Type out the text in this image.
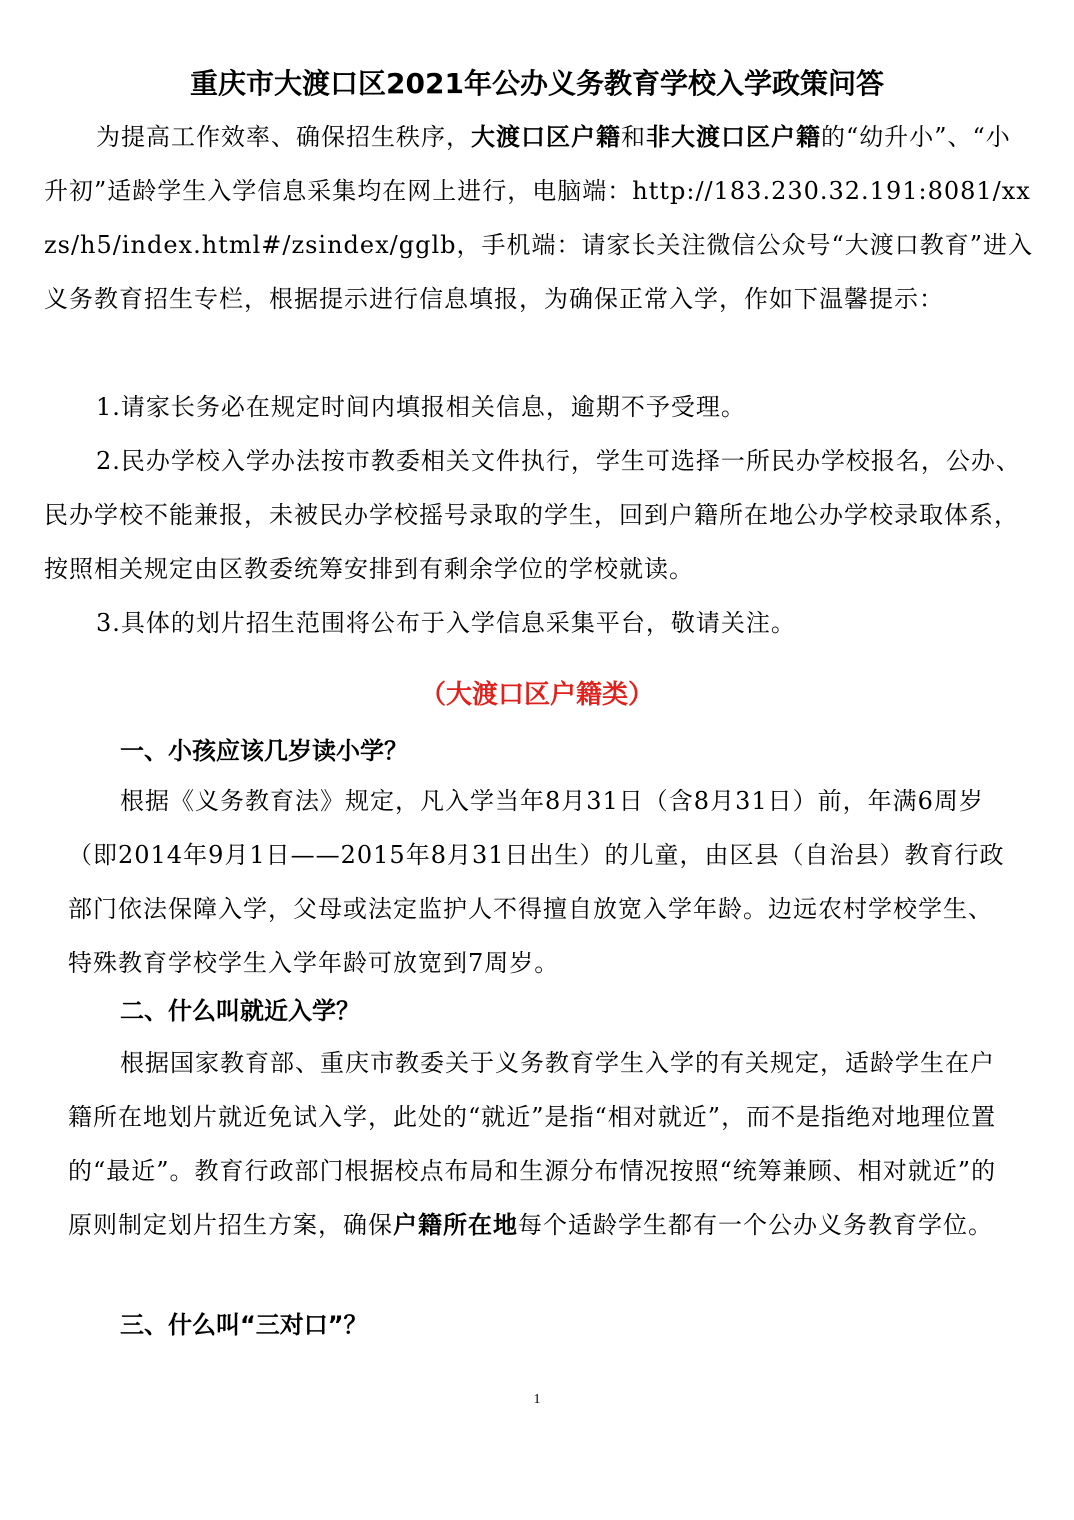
重庆市大渡口区2021年公办义务教育学校入学政策问答
为提高工作效率、确保招生秩序，大渡口区户籍和非大渡口区户籍的“幼升小”、“小升初”适龄学生入学信息采集均在网上进行，电脑端：http://183.230.32.191:8081/xxzs/h5/index.html#/zsindex/gglb，手机端：请家长关注微信公众号“大渡口教育”进入义务教育招生专栏，根据提示进行信息填报，为确保正常入学，作如下温馨提示：
1.请家长务必在规定时间内填报相关信息，逾期不予受理。
2.民办学校入学办法按市教委相关文件执行，学生可选择一所民办学校报名，公办、民办学校不能兼报，未被民办学校摇号录取的学生，回到户籍所在地公办学校录取体系，按照相关规定由区教委统筹安排到有剩余学位的学校就读。
3.具体的划片招生范围将公布于入学信息采集平台，敬请关注。
（大渡口区户籍类）
一、小孩应该几岁读小学？
根据《义务教育法》规定，凡入学当年8月31日（含8月31日）前，年满6周岁（即2014年9月1日——2015年8月31日出生）的儿童，由区县（自治县）教育行政部门依法保障入学，父母或法定监护人不得擅自放宽入学年龄。边远农村学校学生、特殊教育学校学生入学年龄可放宽到7周岁。
二、什么叫就近入学？
根据国家教育部、重庆市教委关于义务教育学生入学的有关规定，适龄学生在户籍所在地划片就近免试入学，此处的“就近”是指“相对就近”，而不是指绝对地理位置的“最近”。教育行政部门根据校点布局和生源分布情况按照“统筹兼顾、相对就近”的原则制定划片招生方案，确保户籍所在地每个适龄学生都有一个公办义务教育学位。
三、什么叫“三对口”？
1
